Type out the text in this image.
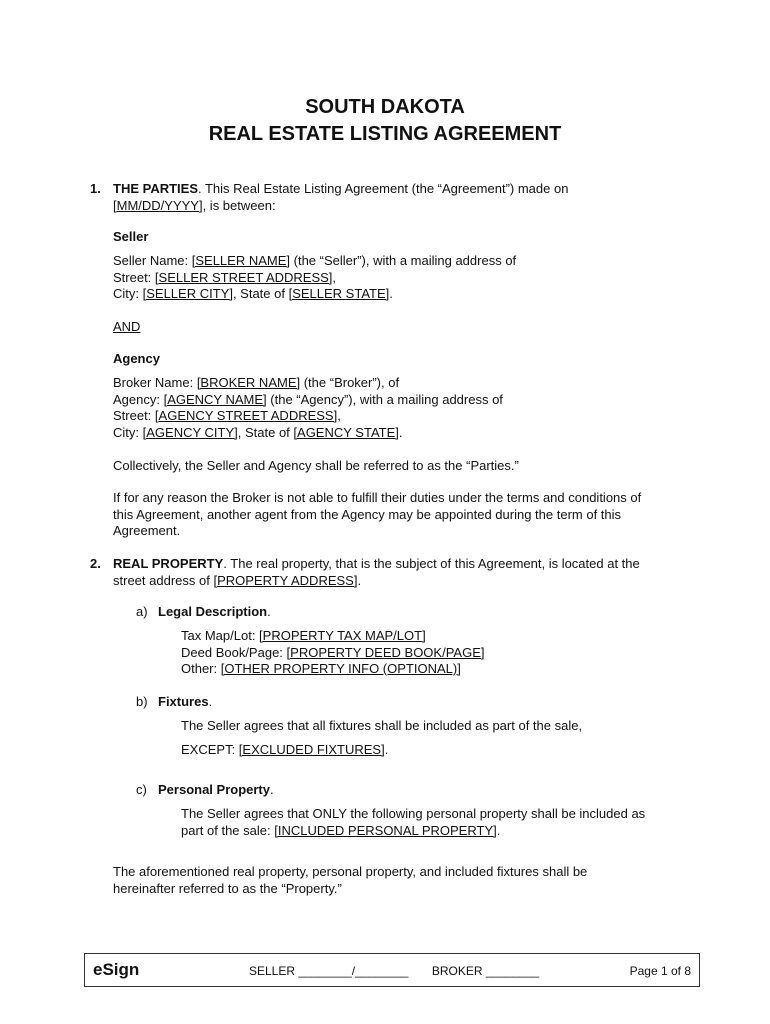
SOUTH DAKOTA
REAL ESTATE LISTING AGREEMENT
1. THE PARTIES. This Real Estate Listing Agreement (the “Agreement”) made on
[MM/DD/YYYY], is between:
Seller
Seller Name: [SELLER NAME] (the “Seller”), with a mailing address of
Street: [SELLER STREET ADDRESS],
City: [SELLER CITY], State of [SELLER STATE].
AND
Agency
Broker Name: [BROKER NAME] (the “Broker”), of
Agency: [AGENCY NAME] (the “Agency”), with a mailing address of
Street: [AGENCY STREET ADDRESS],
City: [AGENCY CITY], State of [AGENCY STATE].
Collectively, the Seller and Agency shall be referred to as the “Parties.”
If for any reason the Broker is not able to fulfill their duties under the terms and conditions of
this Agreement, another agent from the Agency may be appointed during the term of this
Agreement.
2. REAL PROPERTY. The real property, that is the subject of this Agreement, is located at the
street address of [PROPERTY ADDRESS].
a) Legal Description.
Tax Map/Lot: [PROPERTY TAX MAP/LOT]
Deed Book/Page: [PROPERTY DEED BOOK/PAGE]
Other: [OTHER PROPERTY INFO (OPTIONAL)]
b) Fixtures.
The Seller agrees that all fixtures shall be included as part of the sale,
EXCEPT: [EXCLUDED FIXTURES].
c) Personal Property.
The Seller agrees that ONLY the following personal property shall be included as
part of the sale: [INCLUDED PERSONAL PROPERTY].
The aforementioned real property, personal property, and included fixtures shall be
hereinafter referred to as the “Property.”
eSign	SELLER ________/________ BROKER ________	Page 1 of 8
